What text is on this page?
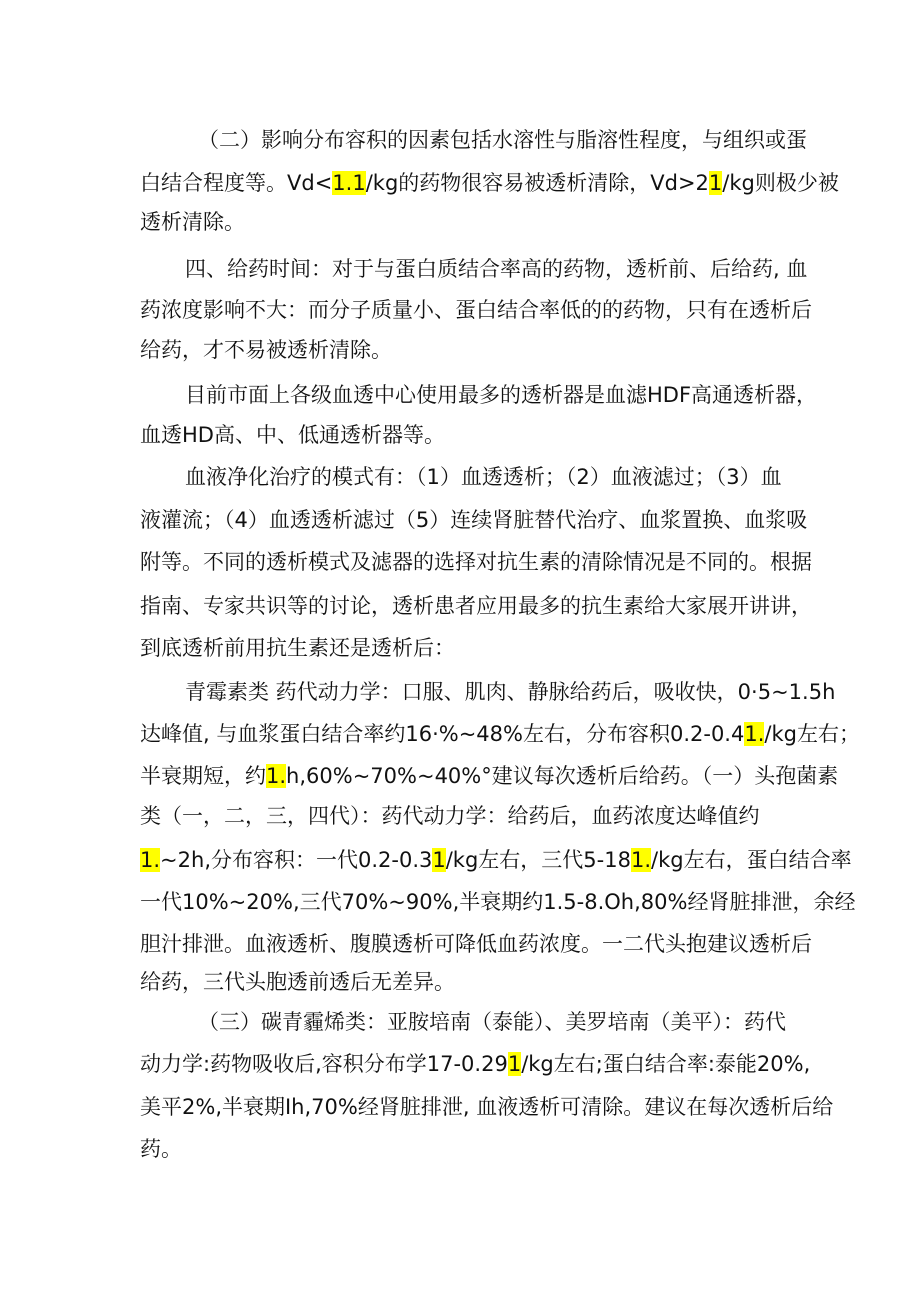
（二）影响分布容积的因素包括水溶性与脂溶性程度，与组织或蛋
白结合程度等。Vd<1.1/kg的药物很容易被透析清除，Vd>21/kg则极少被
透析清除。
四、给药时间：对于与蛋白质结合率高的药物，透析前、后给药, 血
药浓度影响不大：而分子质量小、蛋白结合率低的的药物，只有在透析后
给药，才不易被透析清除。
目前市面上各级血透中心使用最多的透析器是血滤HDF高通透析器，
血透HD高、中、低通透析器等。
血液净化治疗的模式有：（1）血透透析；（2）血液滤过；（3）血
液灌流；（4）血透透析滤过（5）连续肾脏替代治疗、血浆置换、血浆吸
附等。不同的透析模式及滤器的选择对抗生素的清除情况是不同的。根据
指南、专家共识等的讨论，透析患者应用最多的抗生素给大家展开讲讲，
到底透析前用抗生素还是透析后：
青霉素类 药代动力学：口服、肌肉、静脉给药后，吸收快，0·5~1.5h
达峰值, 与血浆蛋白结合率约16·%~48%左右，分布容积0.2-0.41./kg左右；
半衰期短，约1.h,60%~70%~40%°建议每次透析后给药。（一）头孢菌素
类（一，二，三，四代）：药代动力学：给药后，血药浓度达峰值约
1.~2h,分布容积：一代0.2-0.31/kg左右，三代5-181./kg左右，蛋白结合率
一代10%~20%,三代70%~90%,半衰期约1.5-8.Oh,80%经肾脏排泄，余经
胆汁排泄。血液透析、腹膜透析可降低血药浓度。一二代头抱建议透析后
给药，三代头胞透前透后无差异。
（三）碳青霾烯类：亚胺培南（泰能）、美罗培南（美平）：药代
动力学:药物吸收后,容积分布学17-0.291/kg左右;蛋白结合率:泰能20%,
美平2%,半衰期Ih,70%经肾脏排泄, 血液透析可清除。建议在每次透析后给
药。
